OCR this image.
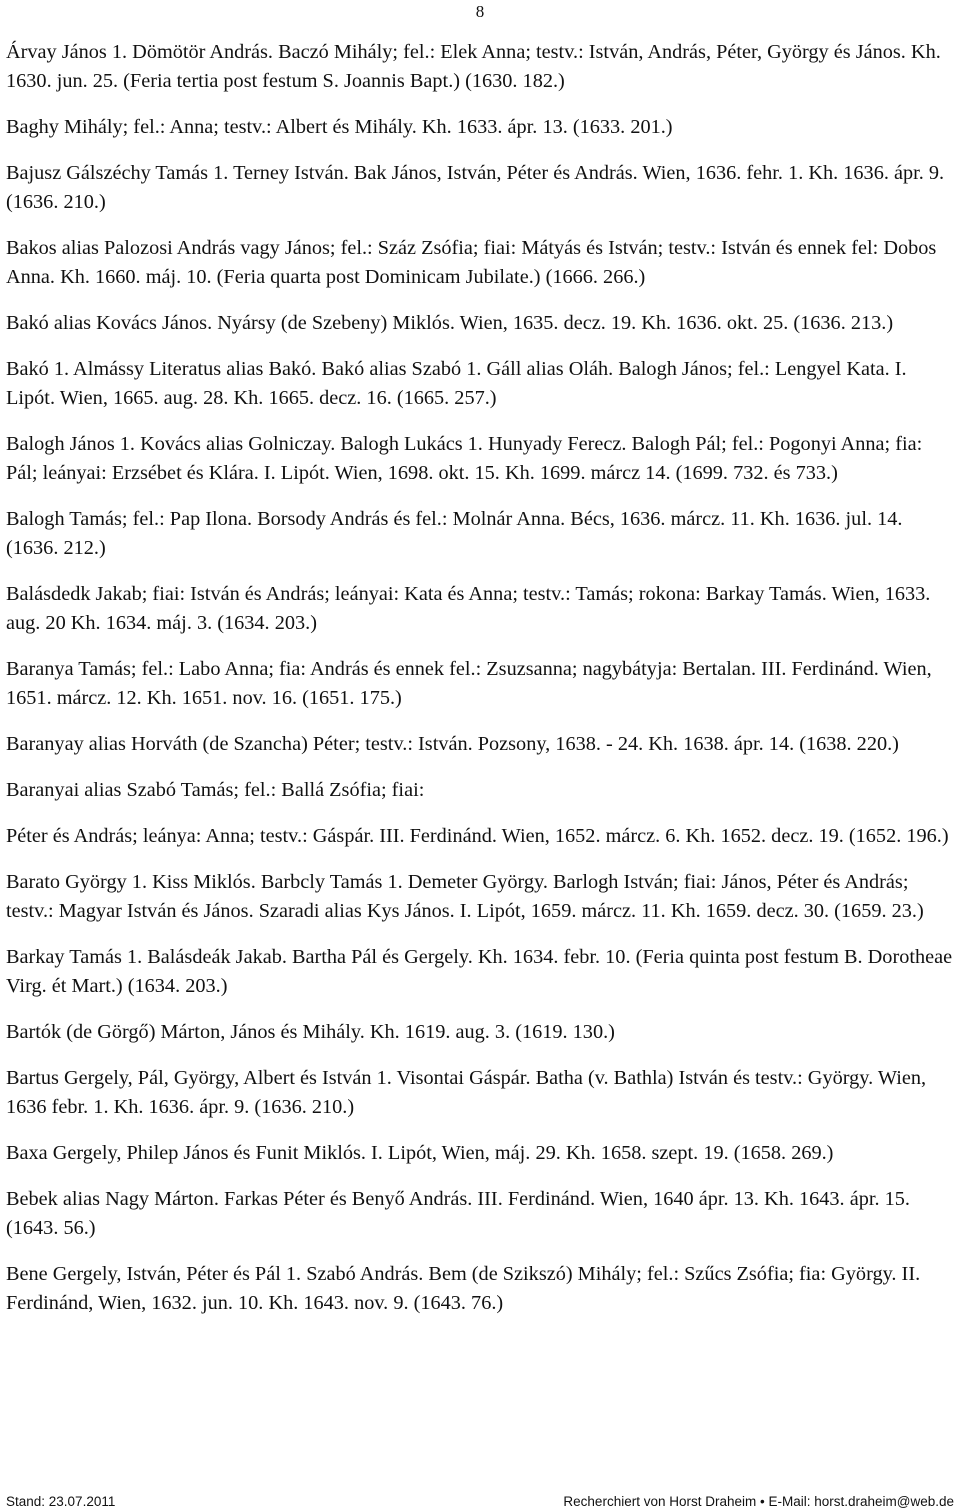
8

Árvay János 1. Dömötör András. Baczó Mihály; fel.: Elek Anna; testv.: István, András, Péter, György és János. Kh. 1630. jun. 25. (Feria tertia post festum S. Joannis Bapt.) (1630. 182.)

Baghy Mihály; fel.: Anna; testv.: Albert és Mihály. Kh. 1633. ápr. 13. (1633. 201.)

Bajusz Gálszéchy Tamás 1. Terney István. Bak János, István, Péter és András. Wien, 1636. fehr. 1. Kh. 1636. ápr. 9. (1636. 210.)

Bakos alias Palozosi András vagy János; fel.: Száz Zsófia; fiai: Mátyás és István; testv.: István és ennek fel: Dobos Anna. Kh. 1660. máj. 10. (Feria quarta post Dominicam Jubilate.) (1666. 266.)

Bakó alias Kovács János. Nyársy (de Szebeny) Miklós. Wien, 1635. decz. 19. Kh. 1636. okt. 25. (1636. 213.)

Bakó 1. Almássy Literatus alias Bakó. Bakó alias Szabó 1. Gáll alias Oláh. Balogh János; fel.: Lengyel Kata. I. Lipót. Wien, 1665. aug. 28. Kh. 1665. decz. 16. (1665. 257.)

Balogh János 1. Kovács alias Golniczay. Balogh Lukács 1. Hunyady Ferecz. Balogh Pál; fel.: Pogonyi Anna; fia: Pál; leányai: Erzsébet és Klára. I. Lipót. Wien, 1698. okt. 15. Kh. 1699. márcz 14. (1699. 732. és 733.)

Balogh Tamás; fel.: Pap Ilona. Borsody András és fel.: Molnár Anna. Bécs, 1636. márcz. 11. Kh. 1636. jul. 14. (1636. 212.)

Balásdedk Jakab; fiai: István és András; leányai: Kata és Anna; testv.: Tamás; rokona: Barkay Tamás. Wien, 1633. aug. 20 Kh. 1634. máj. 3. (1634. 203.)

Baranya Tamás; fel.: Labo Anna; fia: András és ennek fel.: Zsuzsanna; nagybátyja: Bertalan. III. Ferdinánd. Wien, 1651. márcz. 12. Kh. 1651. nov. 16. (1651. 175.)

Baranyay alias Horváth (de Szancha) Péter; testv.: István. Pozsony, 1638. - 24. Kh. 1638. ápr. 14. (1638. 220.)

Baranyai alias Szabó Tamás; fel.: Ballá Zsófia; fiai:

Péter és András; leánya: Anna; testv.: Gáspár. III. Ferdinánd. Wien, 1652. márcz. 6. Kh. 1652. decz. 19. (1652. 196.)

Barato György 1. Kiss Miklós. Barbcly Tamás 1. Demeter György. Barlogh István; fiai: János, Péter és András; testv.: Magyar István és János. Szaradi alias Kys János. I. Lipót, 1659. márcz. 11. Kh. 1659. decz. 30. (1659. 23.)

Barkay Tamás 1. Balásdeák Jakab. Bartha Pál és Gergely. Kh. 1634. febr. 10. (Feria quinta post festum B. Dorotheae Virg. ét Mart.) (1634. 203.)

Bartók (de Görgő) Márton, János és Mihály. Kh. 1619. aug. 3. (1619. 130.)

Bartus Gergely, Pál, György, Albert és István 1. Visontai Gáspár. Batha (v. Bathla) István és testv.: György. Wien, 1636 febr. 1. Kh. 1636. ápr. 9. (1636. 210.)

Baxa Gergely, Philep János és Funit Miklós. I. Lipót, Wien, máj. 29. Kh. 1658. szept. 19. (1658. 269.)

Bebek alias Nagy Márton. Farkas Péter és Benyő András. III. Ferdinánd. Wien, 1640 ápr. 13. Kh. 1643. ápr. 15. (1643. 56.)

Bene Gergely, István, Péter és Pál 1. Szabó András. Bem (de Szikszó) Mihály; fel.: Szűcs Zsófia; fia: György. II. Ferdinánd, Wien, 1632. jun. 10. Kh. 1643. nov. 9. (1643. 76.)

Stand: 23.07.2011	Recherchiert von Horst Draheim • E-Mail: horst.draheim@web.de
